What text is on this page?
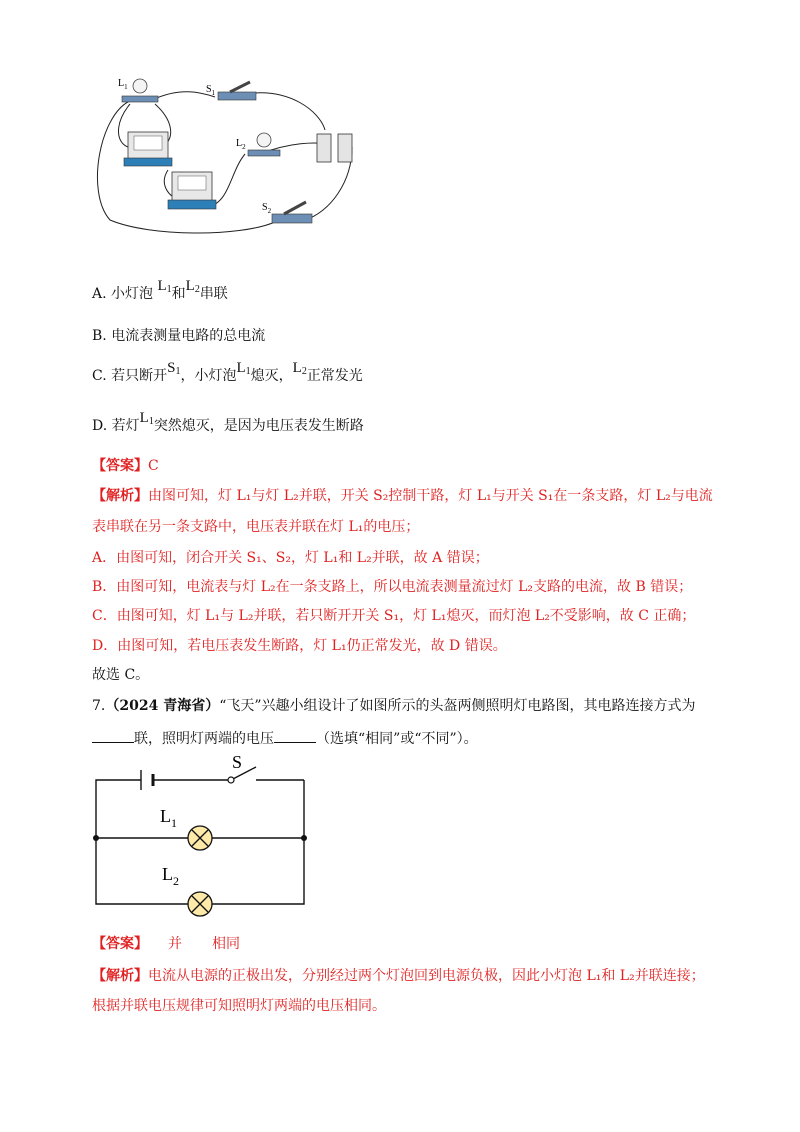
$L_1$	$S_1$
$L_2$
$S_2$
A. 小灯泡 $L_1$和$L_2$串联
B. 电流表测量电路的总电流
C. 若只断开$S_1$，小灯泡$L_1$熄灭，$L_2$正常发光
D. 若灯$L_1$突然熄灭，是因为电压表发生断路
【答案】C
【解析】由图可知，灯 L₁与灯 L₂并联，开关 S₂控制干路，灯 L₁与开关 S₁在一条支路，灯 L₂与电流
表串联在另一条支路中，电压表并联在灯 L₁的电压；
A．由图可知，闭合开关 S₁、S₂，灯 L₁和 L₂并联，故 A 错误；
B．由图可知，电流表与灯 L₂在一条支路上，所以电流表测量流过灯 L₂支路的电流，故 B 错误；
C．由图可知，灯 L₁与 L₂并联，若只断开开关 S₁，灯 L₁熄灭，而灯泡 L₂不受影响，故 C 正确；
D．由图可知，若电压表发生断路，灯 L₁仍正常发光，故 D 错误。
故选 C。
7.（2024 青海省）“飞天”兴趣小组设计了如图所示的头盔两侧照明灯电路图，其电路连接方式为
联，照明灯两端的电压	（选填“相同”或“不同”）。
S
$L_1$
$L_2$
【答案】 并 相同
【解析】电流从电源的正极出发，分别经过两个灯泡回到电源负极，因此小灯泡 L₁和 L₂并联连接；
根据并联电压规律可知照明灯两端的电压相同。
